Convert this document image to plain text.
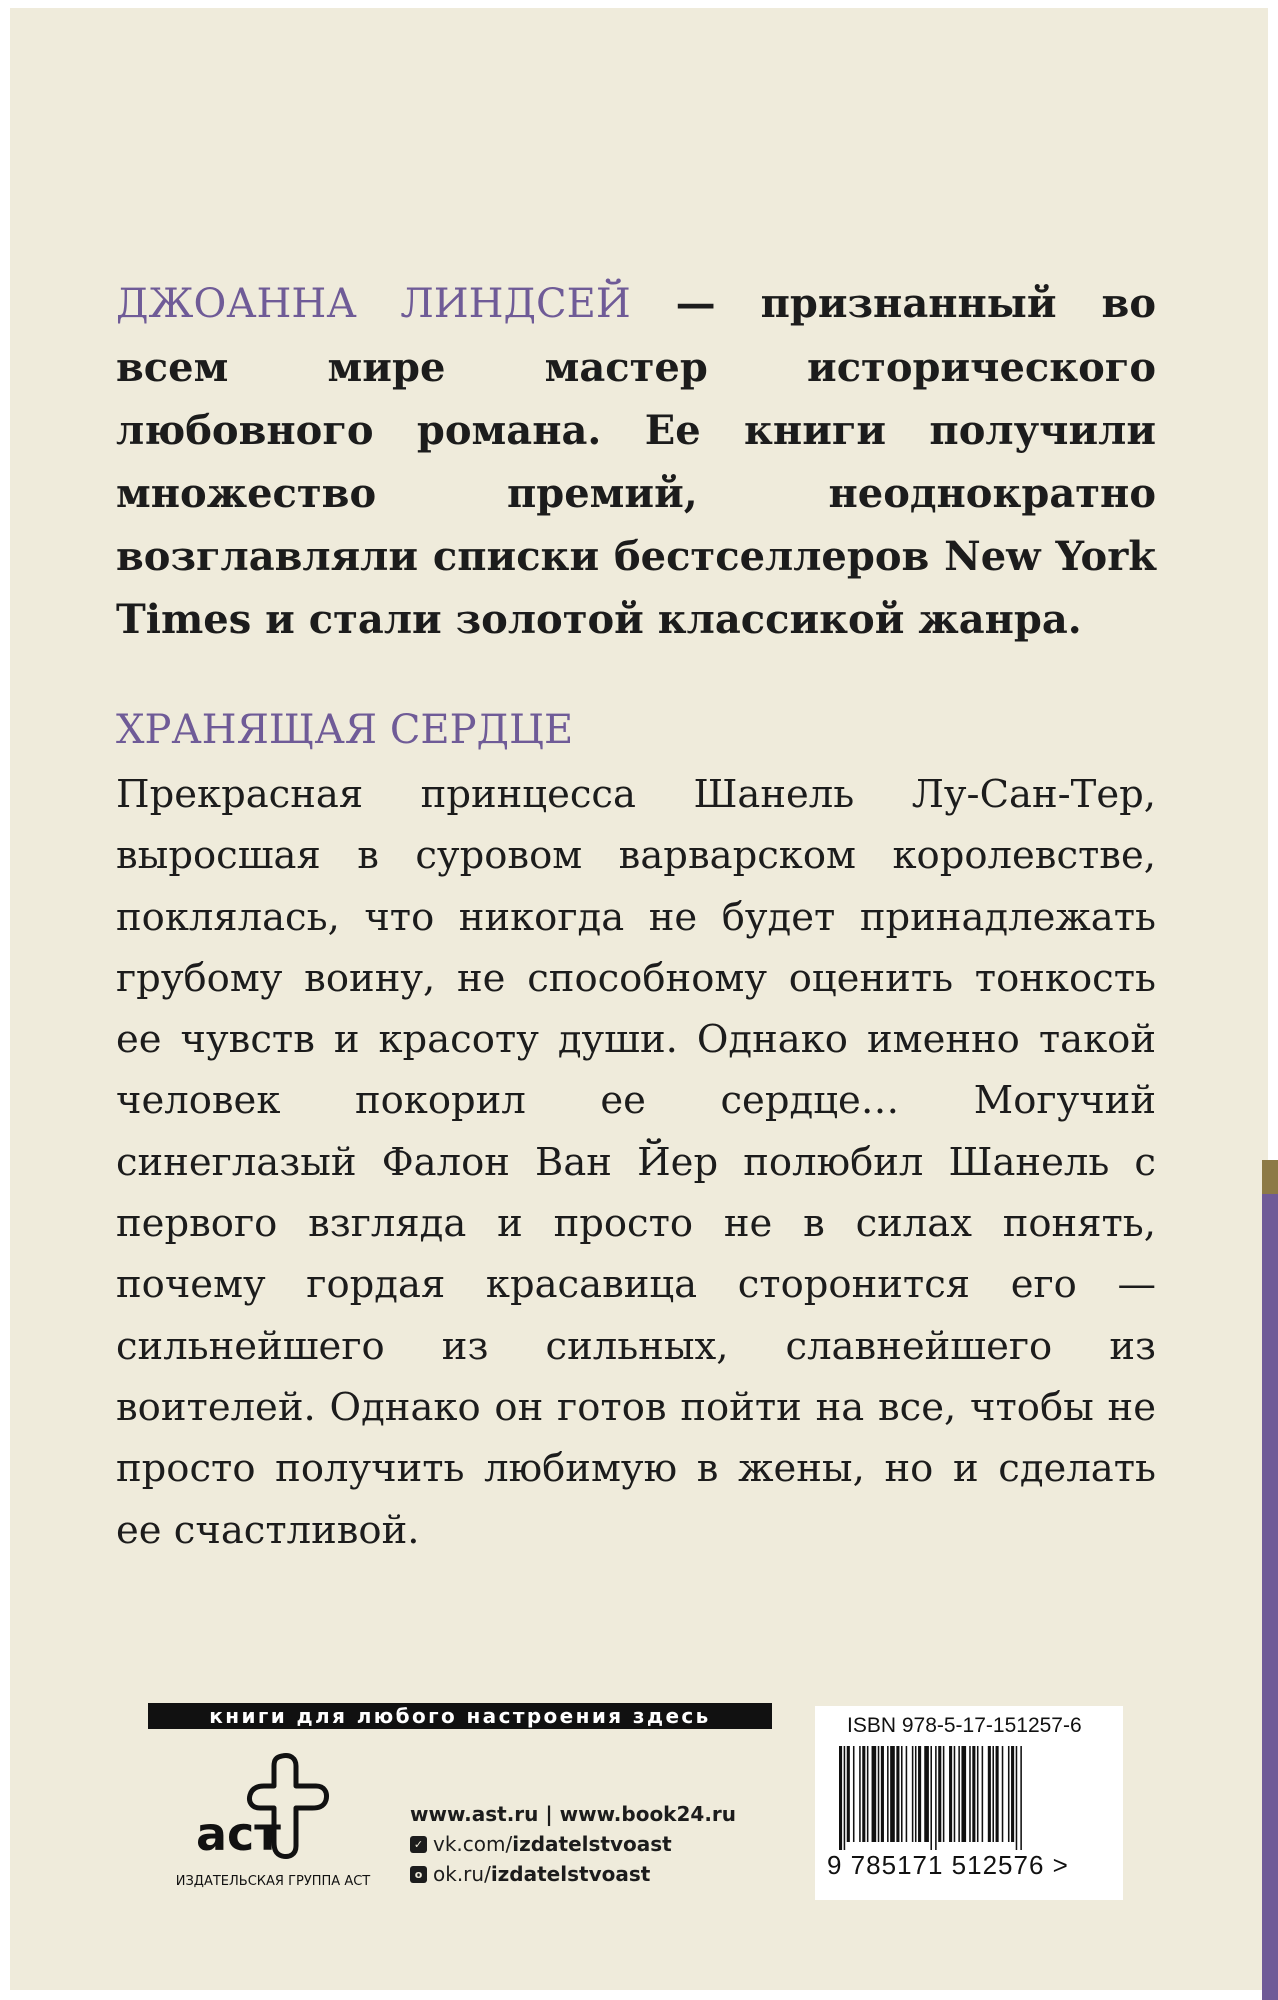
ДЖОАННА ЛИНДСЕЙ — признанный во всем мире мастер исторического любовного романа. Ее книги получили множество премий, неоднократно возглавляли списки бестселлеров New York Times и стали золотой классикой жанра.

ХРАНЯЩАЯ СЕРДЦЕ

Прекрасная принцесса Шанель Лу-Сан-Тер, выросшая в суровом варварском королевстве, поклялась, что никогда не будет принадлежать грубому воину, не способному оценить тонкость ее чувств и красоту души. Однако именно такой человек покорил ее сердце… Могучий синеглазый Фалон Ван Йер полюбил Шанель с первого взгляда и просто не в силах понять, почему гордая красавица сторонится его — сильнейшего из сильных, славнейшего из воителей. Однако он готов пойти на все, чтобы не просто получить любимую в жены, но и сделать ее счастливой.

книги для любого настроения здесь
аст
ИЗДАТЕЛЬСКАЯ ГРУППА АСТ
www.ast.ru | www.book24.ru
✓ vk.com/ izdatelstvoast
o ok.ru/ izdatelstvoast
ISBN 978-5-17-151257-6
9 785171 512576 >
